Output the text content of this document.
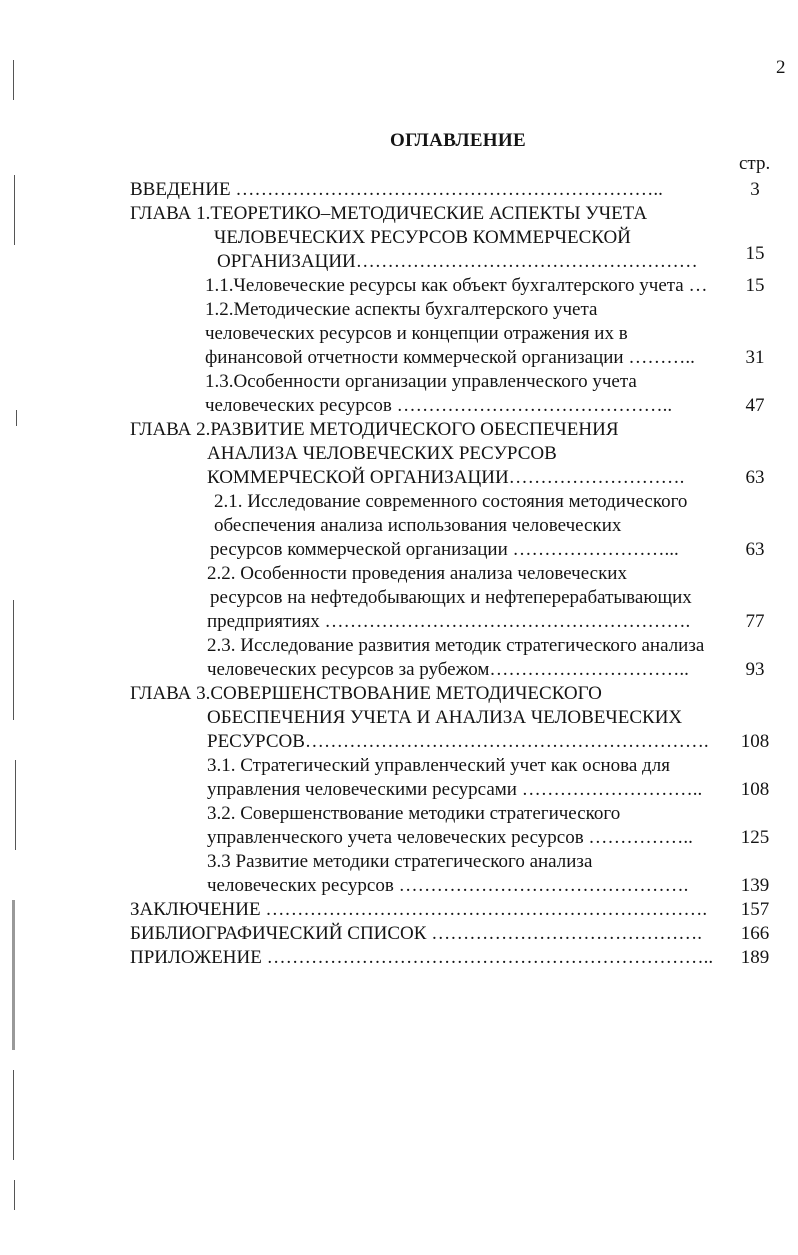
2
ОГЛАВЛЕНИЕ
стр.
ВВЕДЕНИЕ …………………………………………………………..
ГЛАВА 1.ТЕОРЕТИКО–МЕТОДИЧЕСКИЕ АСПЕКТЫ УЧЕТА
ЧЕЛОВЕЧЕСКИХ РЕСУРСОВ КОММЕРЧЕСКОЙ
ОРГАНИЗАЦИИ………………………………………………
1.1.Человеческие ресурсы как объект бухгалтерского учета …
1.2.Методические аспекты бухгалтерского учета
человеческих ресурсов и концепции отражения их в
финансовой отчетности коммерческой организации ………..
1.3.Особенности организации управленческого учета
человеческих ресурсов ……………………………………..
ГЛАВА 2.РАЗВИТИЕ МЕТОДИЧЕСКОГО ОБЕСПЕЧЕНИЯ
АНАЛИЗА ЧЕЛОВЕЧЕСКИХ РЕСУРСОВ
КОММЕРЧЕСКОЙ ОРГАНИЗАЦИИ……………………….
2.1. Исследование современного состояния методического
обеспечения анализа использования человеческих
ресурсов коммерческой организации ……………………...
2.2. Особенности проведения анализа человеческих
ресурсов на нефтедобывающих и нефтеперерабатывающих
предприятиях ………………………………………………….
2.3. Исследование развития методик стратегического анализа
человеческих ресурсов за рубежом…………………………..
ГЛАВА 3.СОВЕРШЕНСТВОВАНИЕ МЕТОДИЧЕСКОГО
ОБЕСПЕЧЕНИЯ УЧЕТА И АНАЛИЗА ЧЕЛОВЕЧЕСКИХ
РЕСУРСОВ……………………………………………………….
3.1. Стратегический управленческий учет как основа для
управления человеческими ресурсами ………………………..
3.2. Совершенствование методики стратегического
управленческого учета человеческих ресурсов ……………..
3.3 Развитие методики стратегического анализа
человеческих ресурсов ……………………………………….
ЗАКЛЮЧЕНИЕ …………………………………………………………….
БИБЛИОГРАФИЧЕСКИЙ СПИСОК …………………………………….
ПРИЛОЖЕНИЕ ……………………………………………………………..
3
15
15
31
47
63
63
77
93
108
108
125
139
157
166
189
